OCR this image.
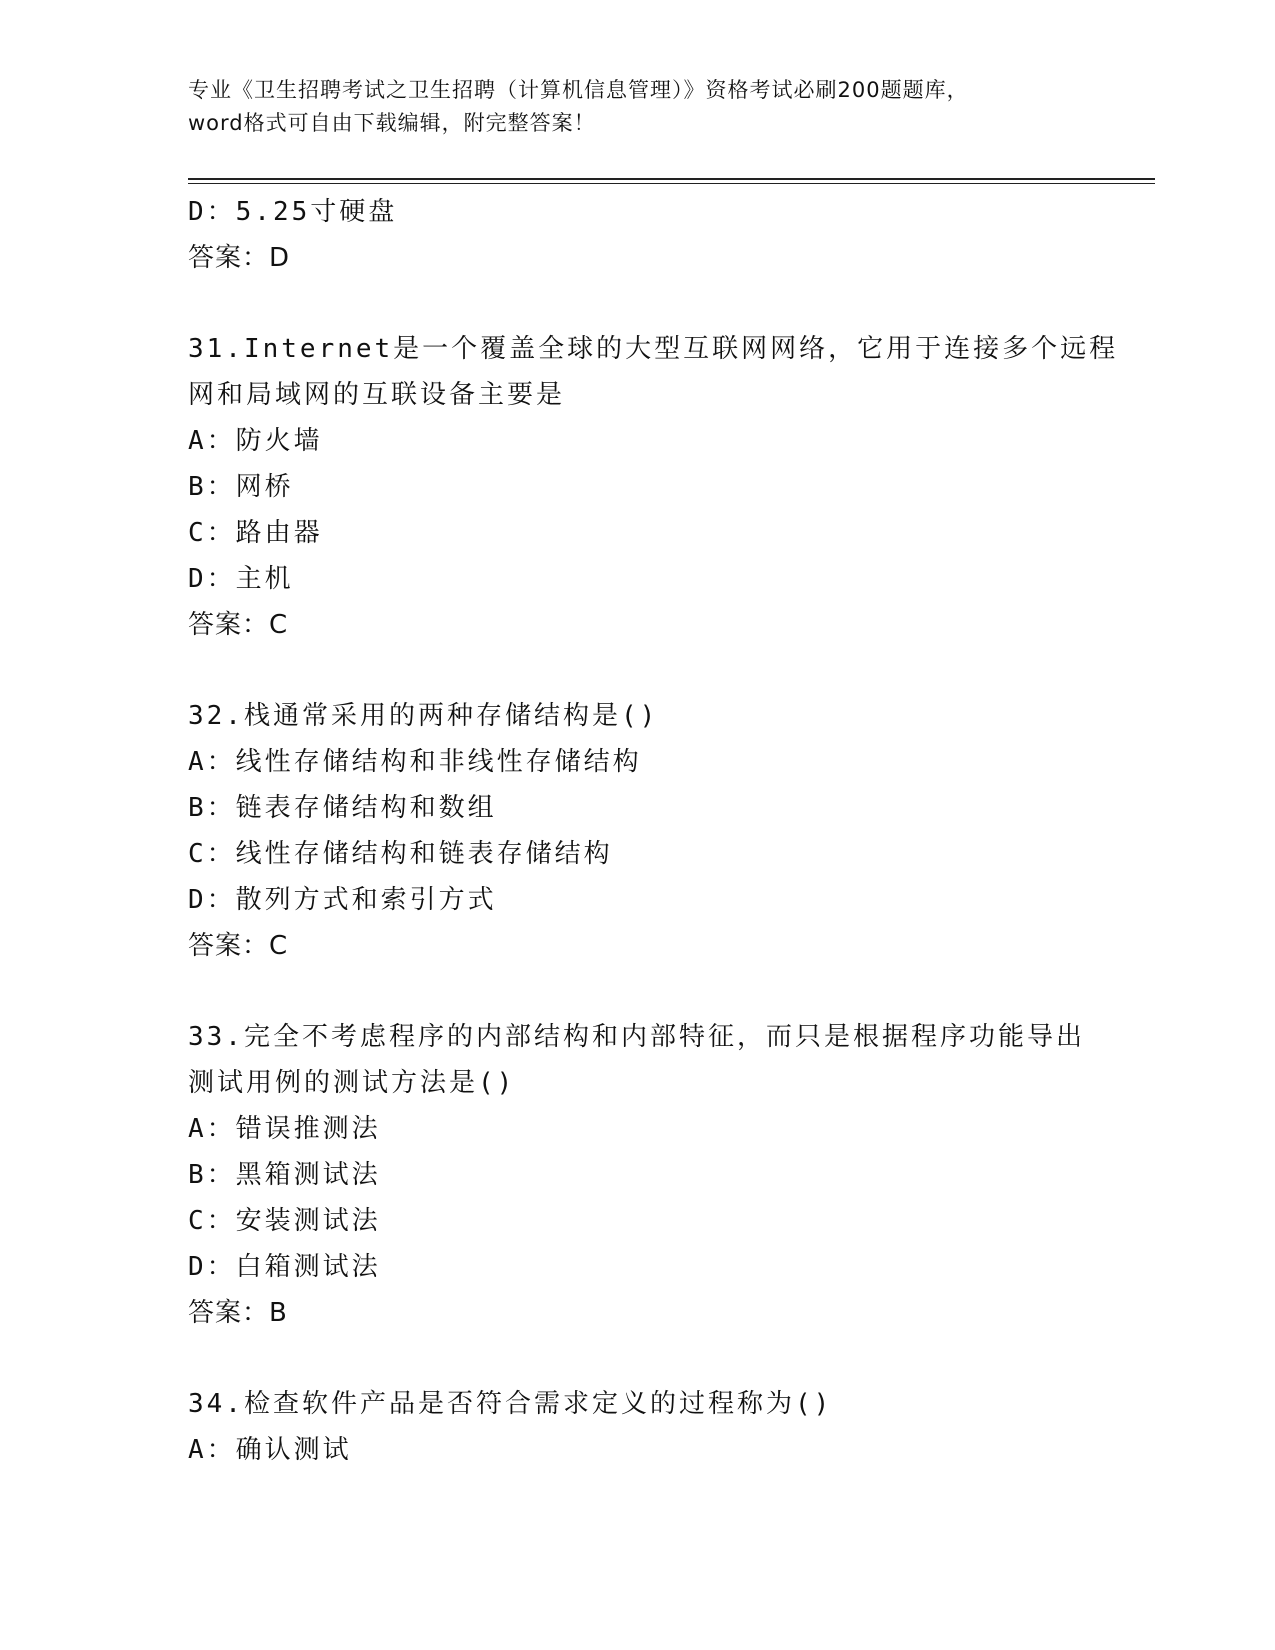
专业《卫生招聘考试之卫生招聘（计算机信息管理）》资格考试必刷200题题库，
word格式可自由下载编辑，附完整答案！
D：5.25寸硬盘
答案：D
31.Internet是一个覆盖全球的大型互联网网络，它用于连接多个远程
网和局域网的互联设备主要是
A：防火墙
B：网桥
C：路由器
D：主机
答案：C
32.栈通常采用的两种存储结构是()
A：线性存储结构和非线性存储结构
B：链表存储结构和数组
C：线性存储结构和链表存储结构
D：散列方式和索引方式
答案：C
33.完全不考虑程序的内部结构和内部特征，而只是根据程序功能导出
测试用例的测试方法是()
A：错误推测法
B：黑箱测试法
C：安装测试法
D：白箱测试法
答案：B
34.检查软件产品是否符合需求定义的过程称为()
A：确认测试
